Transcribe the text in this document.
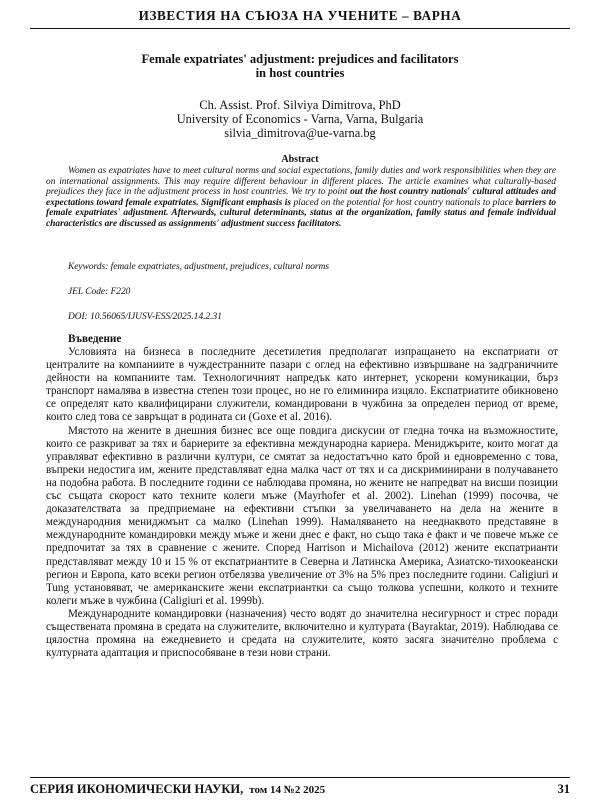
ИЗВЕСТИЯ НА СЪЮЗА НА УЧЕНИТЕ – ВАРНА
Female expatriates' adjustment: prejudices and facilitators
in host countries
Ch. Assist. Prof. Silviya Dimitrova, PhD
University of Economics - Varna, Varna, Bulgaria
silvia_dimitrova@ue-varna.bg
Abstract
Women as expatriates have to meet cultural norms and social expectations, family duties and work responsibilities when they are on international assignments. This may require different behaviour in different places. The article examines what culturally-based prejudices they face in the adjustment process in host countries. We try to point out the host country nationals' cultural attitudes and expectations toward female expatriates. Significant emphasis is placed on the potential for host country nationals to place barriers to female expatriates' adjustment. Afterwards, cultural determinants, status at the organization, family status and female individual characteristics are discussed as assignments' adjustment success facilitators.
Keywords: female expatriates, adjustment, prejudices, cultural norms
JEL Code: F220
DOI: 10.56065/IJUSV-ESS/2025.14.2.31
Въведение

Условията на бизнеса в последните десетилетия предполагат изпращането на експатриати от централите на компаниите в чуждестранните пазари с оглед на ефективно извършване на задграничните дейности на компаниите там. Технологичният напредък като интернет, ускорени комуникации, бърз транспорт намалява в известна степен този процес, но не го елиминира изцяло. Експатриатите обикновено се определят като квалифицирани служители, командировани в чужбина за определен период от време, които след това се завръщат в родината си (Goxe et al. 2016).

Мястото на жените в днешния бизнес все още повдига дискусии от гледна точка на възможностите, които се разкриват за тях и бариерите за ефективна международна кариера. Мениджърите, които могат да управляват ефективно в различни култури, се смятат за недостатъчно като брой и едновременно с това, въпреки недостига им, жените представляват една малка част от тях и са дискриминирани в получаването на подобна работа. В последните години се наблюдава промяна, но жените не напредват на висши позиции със същата скорост като техните колеги мъже (Mayrhofer et al. 2002). Linehan (1999) посочва, че доказателствата за предприемане на ефективни стъпки за увеличаването на дела на жените в международния мениджмънт са малко (Linehan 1999). Намаляването на нееднаквото представяне в международните командировки между мъже и жени днес е факт, но също така е факт и че повече мъже се предпочитат за тях в сравнение с жените. Според Harrison и Michailova (2012) жените експатрианти представляват между 10 и 15 % от експатриантите в Северна и Латинска Америка, Азиатско-тихоокеански регион и Европа, като всеки регион отбелязва увеличение от 3% на 5% през последните години. Caligiuri и Tung установяват, че американските жени експатриантки са също толкова успешни, колкото и техните колеги мъже в чужбина (Caligiuri et al. 1999b).

Международните командировки (назначения) често водят до значителна несигурност и стрес поради съществената промяна в средата на служителите, включително и културата (Bayraktar, 2019). Наблюдава се цялостна промяна на ежедневието и средата на служителите, която засяга значително проблема с културната адаптация и приспособяване в тези нови страни.

СЕРИЯ ИКОНОМИЧЕСКИ НАУКИ, том 14 №2 2025	31
